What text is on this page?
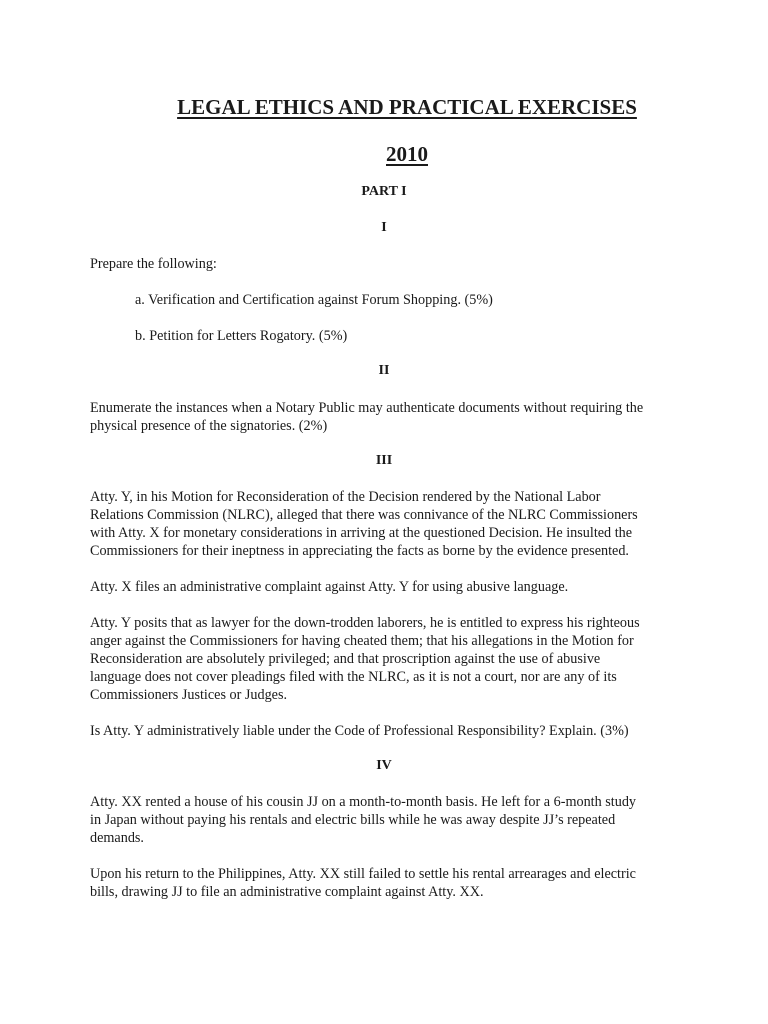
LEGAL ETHICS AND PRACTICAL EXERCISES
2010
PART I
I
Prepare the following:
a. Verification and Certification against Forum Shopping. (5%)
b. Petition for Letters Rogatory. (5%)
II
Enumerate the instances when a Notary Public may authenticate documents without requiring the
physical presence of the signatories. (2%)
III
Atty. Y, in his Motion for Reconsideration of the Decision rendered by the National Labor
Relations Commission (NLRC), alleged that there was connivance of the NLRC Commissioners
with Atty. X for monetary considerations in arriving at the questioned Decision. He insulted the
Commissioners for their ineptness in appreciating the facts as borne by the evidence presented.
Atty. X files an administrative complaint against Atty. Y for using abusive language.
Atty. Y posits that as lawyer for the down-trodden laborers, he is entitled to express his righteous
anger against the Commissioners for having cheated them; that his allegations in the Motion for
Reconsideration are absolutely privileged; and that proscription against the use of abusive
language does not cover pleadings filed with the NLRC, as it is not a court, nor are any of its
Commissioners Justices or Judges.
Is Atty. Y administratively liable under the Code of Professional Responsibility? Explain. (3%)
IV
Atty. XX rented a house of his cousin JJ on a month-to-month basis. He left for a 6-month study
in Japan without paying his rentals and electric bills while he was away despite JJ’s repeated
demands.
Upon his return to the Philippines, Atty. XX still failed to settle his rental arrearages and electric
bills, drawing JJ to file an administrative complaint against Atty. XX.
